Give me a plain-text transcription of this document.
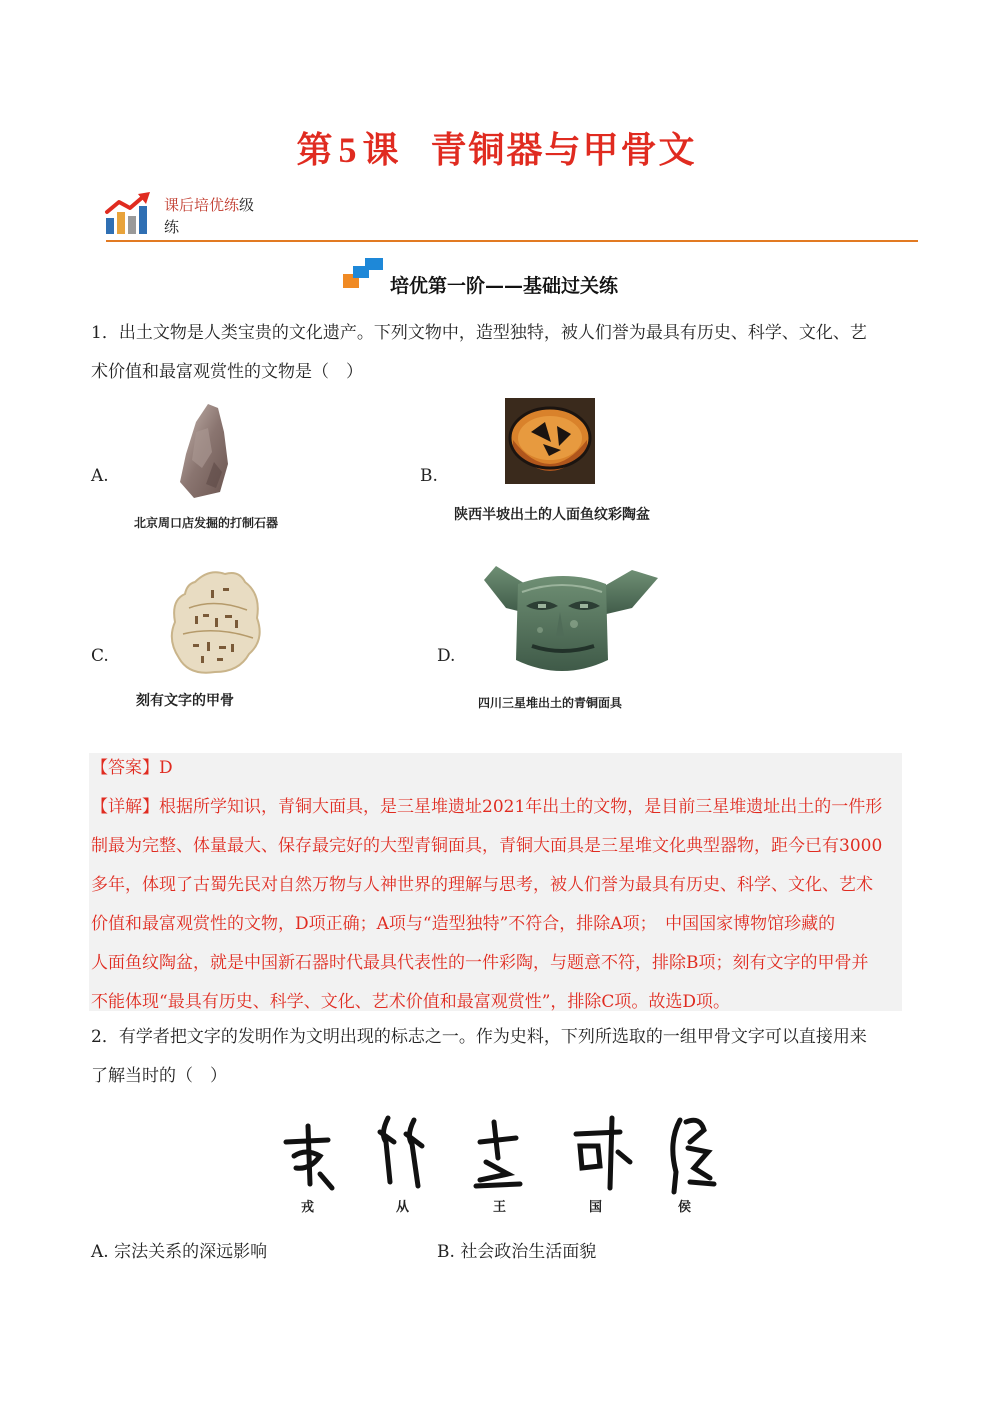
第 5 课 青铜器与甲骨文
课后培优练级
练
培优第一阶——基础过关练
1．出土文物是人类宝贵的文化遗产。下列文物中，造型独特，被人们誉为最具有历史、科学、文化、艺
术价值和最富观赏性的文物是（　）
A.
北京周口店发掘的打制石器
B.
陕西半坡出土的人面鱼纹彩陶盆
C.
刻有文字的甲骨
D.
四川三星堆出土的青铜面具
【答案】D
【详解】根据所学知识，青铜大面具，是三星堆遗址2021年出土的文物，是目前三星堆遗址出土的一件形
制最为完整、体量最大、保存最完好的大型青铜面具，青铜大面具是三星堆文化典型器物，距今已有3000
多年，体现了古蜀先民对自然万物与人神世界的理解与思考，被人们誉为最具有历史、科学、文化、艺术
价值和最富观赏性的文物，D项正确；A项与“造型独特”不符合，排除A项；　中国国家博物馆珍藏的
人面鱼纹陶盆，就是中国新石器时代最具代表性的一件彩陶，与题意不符，排除B项；刻有文字的甲骨并
不能体现“最具有历史、科学、文化、艺术价值和最富观赏性”，排除C项。故选D项。
2．有学者把文字的发明作为文明出现的标志之一。作为史料，下列所选取的一组甲骨文字可以直接用来
了解当时的（　）
戎	从	王	国	侯
A. 宗法关系的深远影响	B. 社会政治生活面貌
